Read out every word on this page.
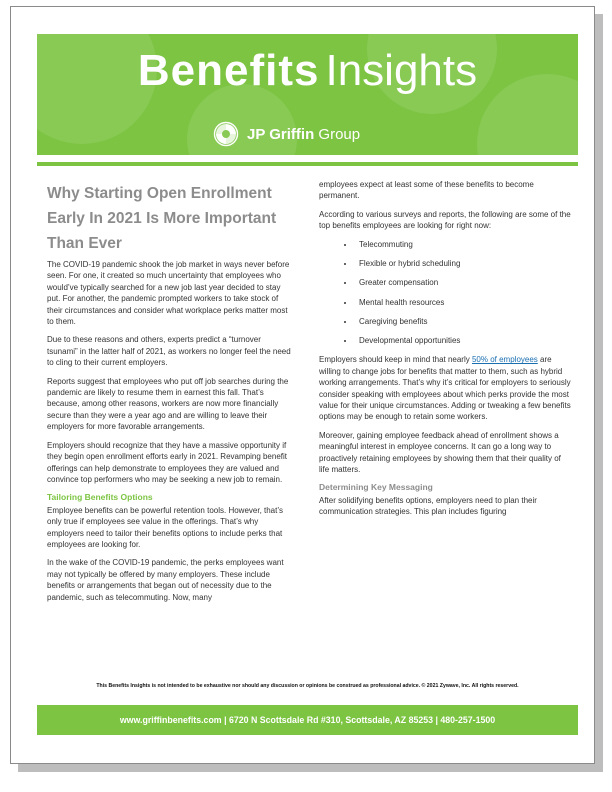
Benefits Insights
JP Griffin Group
Why Starting Open Enrollment Early In 2021 Is More Important Than Ever

The COVID-19 pandemic shook the job market in ways never before seen. For one, it created so much uncertainty that employees who would’ve typically searched for a new job last year decided to stay put. For another, the pandemic prompted workers to take stock of their circumstances and consider what workplace perks matter most to them.

Due to these reasons and others, experts predict a “turnover tsunami” in the latter half of 2021, as workers no longer feel the need to cling to their current employers.

Reports suggest that employees who put off job searches during the pandemic are likely to resume them in earnest this fall. That’s because, among other reasons, workers are now more financially secure than they were a year ago and are willing to leave their employers for more favorable arrangements.

Employers should recognize that they have a massive opportunity if they begin open enrollment efforts early in 2021. Revamping benefit offerings can help demonstrate to employees they are valued and convince top performers who may be seeking a new job to remain.

Tailoring Benefits Options

Employee benefits can be powerful retention tools. However, that’s only true if employees see value in the offerings. That’s why employers need to tailor their benefits options to include perks that employees are looking for.

In the wake of the COVID-19 pandemic, the perks employees want may not typically be offered by many employers. These include benefits or arrangements that began out of necessity due to the pandemic, such as telecommuting. Now, many

employees expect at least some of these benefits to become permanent.

According to various surveys and reports, the following are some of the top benefits employees are looking for right now:

• Telecommuting
• Flexible or hybrid scheduling
• Greater compensation
• Mental health resources
• Caregiving benefits
• Developmental opportunities

Employers should keep in mind that nearly 50% of employees are willing to change jobs for benefits that matter to them, such as hybrid working arrangements. That’s why it’s critical for employers to seriously consider speaking with employees about which perks provide the most value for their unique circumstances. Adding or tweaking a few benefits options may be enough to retain some workers.

Moreover, gaining employee feedback ahead of enrollment shows a meaningful interest in employee concerns. It can go a long way to proactively retaining employees by showing them that their quality of life matters.

Determining Key Messaging

After solidifying benefits options, employers need to plan their communication strategies. This plan includes figuring

This Benefits Insights is not intended to be exhaustive nor should any discussion or opinions be construed as professional advice. © 2021 Zywave, Inc. All rights reserved.
www.griffinbenefits.com | 6720 N Scottsdale Rd #310, Scottsdale, AZ 85253 | 480-257-1500
